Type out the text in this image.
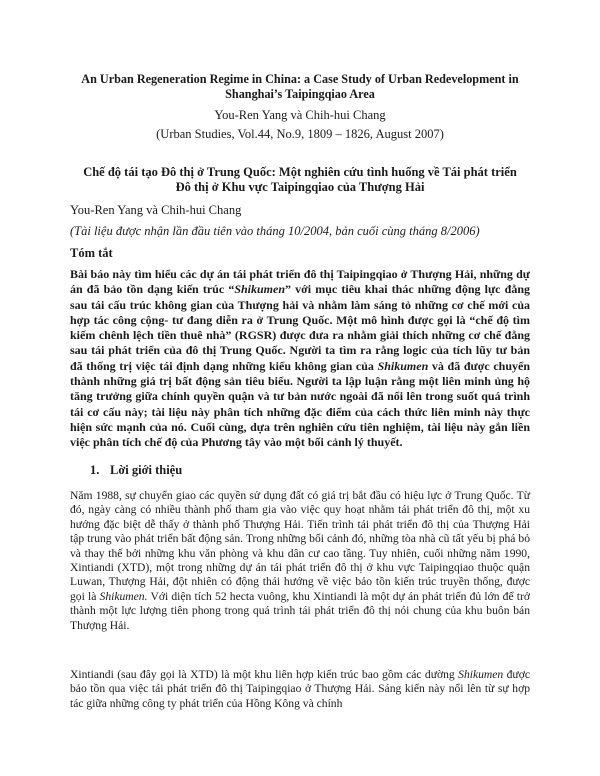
An Urban Regeneration Regime in China: a Case Study of Urban Redevelopment in
Shanghai’s Taipingqiao Area
You-Ren Yang và Chih-hui Chang
(Urban Studies, Vol.44, No.9, 1809 – 1826, August 2007)
Chế độ tái tạo Đô thị ở Trung Quốc: Một nghiên cứu tình huống về Tái phát triển
Đô thị ở Khu vực Taipingqiao của Thượng Hải
You-Ren Yang và Chih-hui Chang
(Tài liệu được nhận lần đầu tiên vào tháng 10/2004, bản cuối cùng tháng 8/2006)
Tóm tắt
Bài báo này tìm hiểu các dự án tái phát triển đô thị Taipingqiao ở Thượng Hải, những dự án đã bảo tồn dạng kiến trúc “Shikumen” với mục tiêu khai thác những động lực đằng sau tái cấu trúc không gian của Thượng hải và nhằm làm sáng tỏ những cơ chế mới của hợp tác công cộng- tư đang diễn ra ở Trung Quốc. Một mô hình được gọi là “chế độ tìm kiếm chênh lệch tiền thuê nhà” (RGSR) được đưa ra nhằm giải thích những cơ chế đằng sau tái phát triển của đô thị Trung Quốc. Người ta tìm ra rằng logic của tích lũy tư bản đã thống trị việc tái định dạng những kiểu không gian của Shikumen và đã được chuyển thành những giá trị bất động sản tiêu biểu. Người ta lập luận rằng một liên minh ủng hộ tăng trưởng giữa chính quyền quận và tư bản nước ngoài đã nổi lên trong suốt quá trình tái cơ cấu này; tài liệu này phân tích những đặc điểm của cách thức liên minh này thực hiện sức mạnh của nó. Cuối cùng, dựa trên nghiên cứu tiên nghiệm, tài liệu này gắn liền việc phân tích chế độ của Phương tây vào một bối cảnh lý thuyết.
1. Lời giới thiệu
Năm 1988, sự chuyển giao các quyền sử dụng đất có giá trị bắt đầu có hiệu lực ở Trung Quốc. Từ đó, ngày càng có nhiều thành phố tham gia vào việc quy hoạt nhằm tái phát triển đô thị, một xu hướng đặc biệt dễ thấy ở thành phố Thượng Hải. Tiến trình tái phát triển đô thị của Thượng Hải tập trung vào phát triển bất động sản. Trong những bối cảnh đó, những tòa nhà cũ tất yếu bị phá bỏ và thay thế bởi những khu văn phòng và khu dân cư cao tầng. Tuy nhiên, cuối những năm 1990, Xintiandi (XTD), một trong những dự án tái phát triển đô thị ở khu vực Taipingqiao thuộc quận Luwan, Thượng Hải, đột nhiên có động thái hướng về việc bảo tồn kiến trúc truyền thống, được gọi là Shikumen. Với diện tích 52 hecta vuông, khu Xintiandi là một dự án phát triển đủ lớn để trở thành một lực lượng tiên phong trong quá trình tái phát triển đô thị nói chung của khu buôn bán Thượng Hải.
Xintiandi (sau đây gọi là XTD) là một khu liên hợp kiến trúc bao gồm các dường Shikumen được bảo tồn qua việc tái phát triển đô thị Taipingqiao ở Thượng Hải. Sáng kiến này nổi lên từ sự hợp tác giữa những công ty phát triển của Hồng Kông và chính
